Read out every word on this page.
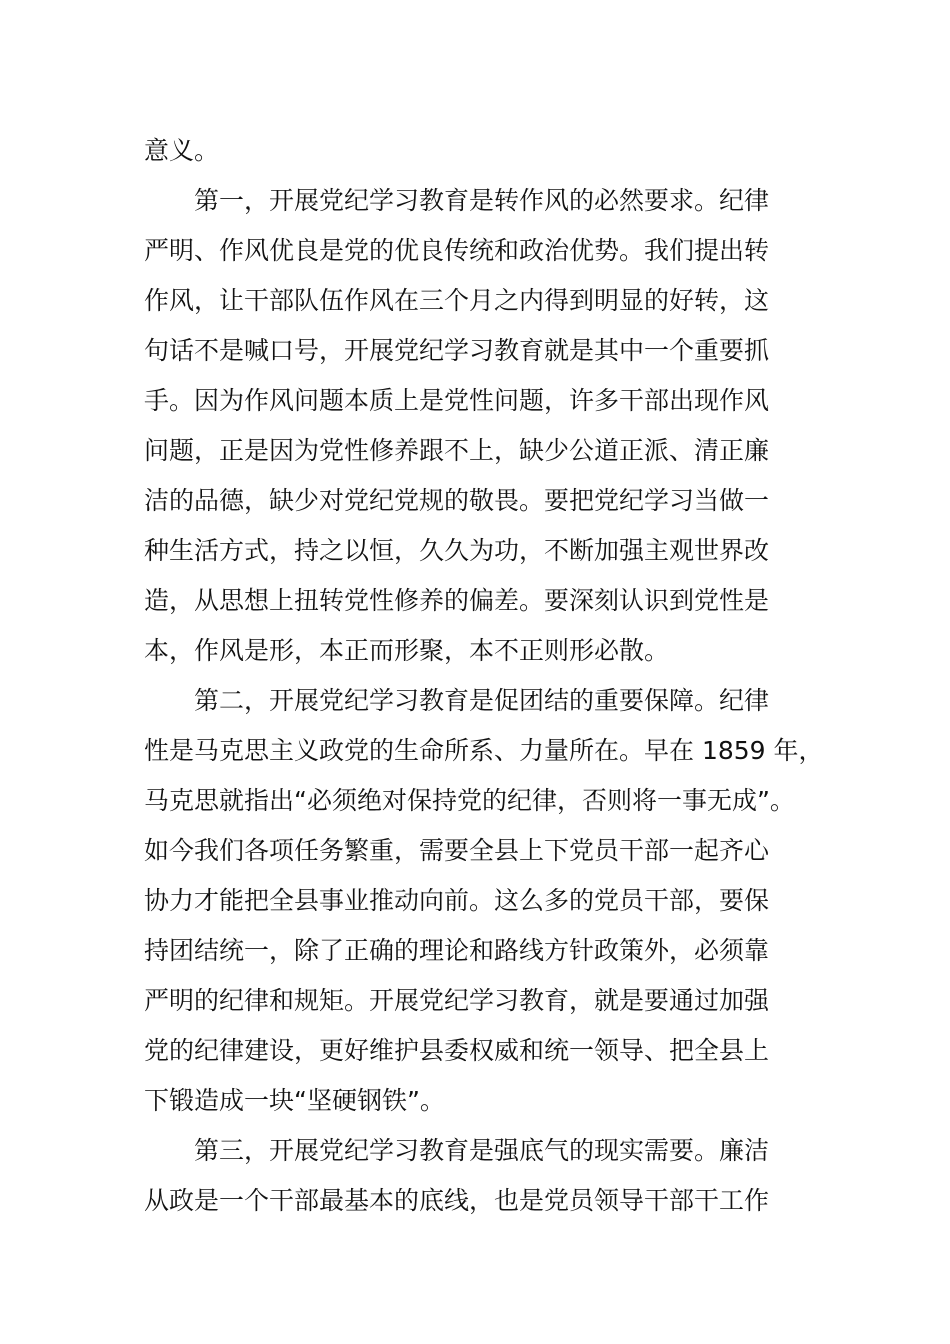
意义。
　　第一，开展党纪学习教育是转作风的必然要求。纪律
严明、作风优良是党的优良传统和政治优势。我们提出转
作风，让干部队伍作风在三个月之内得到明显的好转，这
句话不是喊口号，开展党纪学习教育就是其中一个重要抓
手。因为作风问题本质上是党性问题，许多干部出现作风
问题，正是因为党性修养跟不上，缺少公道正派、清正廉
洁的品德，缺少对党纪党规的敬畏。要把党纪学习当做一
种生活方式，持之以恒，久久为功，不断加强主观世界改
造，从思想上扭转党性修养的偏差。要深刻认识到党性是
本，作风是形，本正而形聚，本不正则形必散。
　　第二，开展党纪学习教育是促团结的重要保障。纪律
性是马克思主义政党的生命所系、力量所在。早在 1859 年，
马克思就指出“必须绝对保持党的纪律，否则将一事无成”。
如今我们各项任务繁重，需要全县上下党员干部一起齐心
协力才能把全县事业推动向前。这么多的党员干部，要保
持团结统一，除了正确的理论和路线方针政策外，必须靠
严明的纪律和规矩。开展党纪学习教育，就是要通过加强
党的纪律建设，更好维护县委权威和统一领导、把全县上
下锻造成一块“坚硬钢铁”。
　　第三，开展党纪学习教育是强底气的现实需要。廉洁
从政是一个干部最基本的底线，也是党员领导干部干工作
